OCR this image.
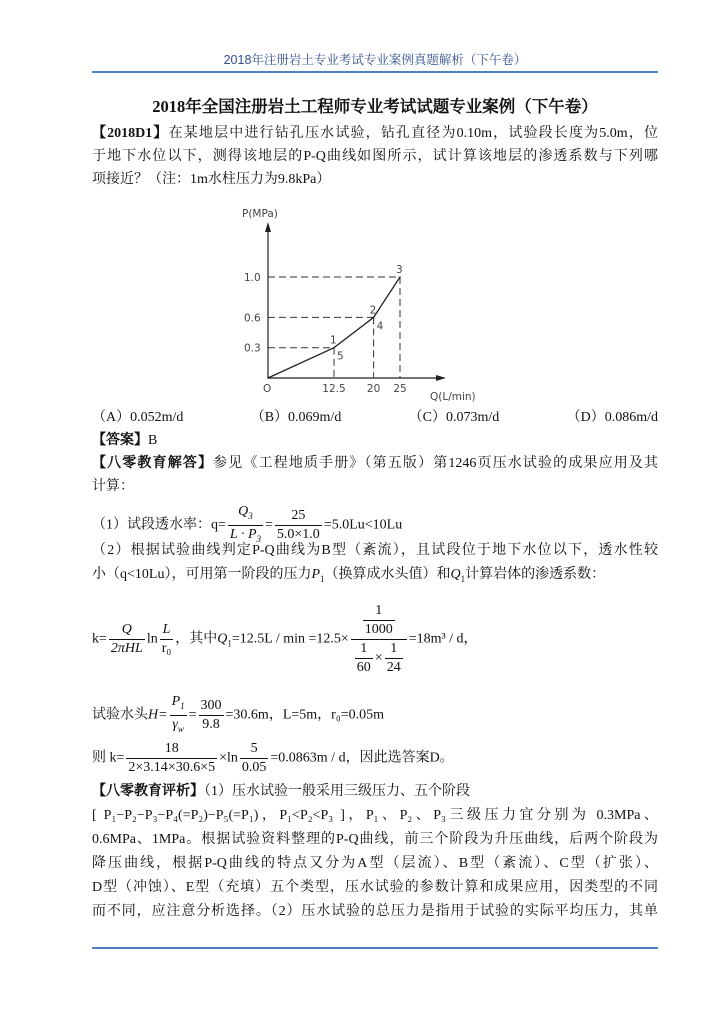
2018年注册岩土专业考试专业案例真题解析（下午卷）
2018年全国注册岩土工程师专业考试试题专业案例（下午卷）
【2018D1】在某地层中进行钻孔压水试验，钻孔直径为0.10m，试验段长度为5.0m，位
于地下水位以下，测得该地层的P-Q曲线如图所示，试计算该地层的渗透系数与下列哪
项接近？（注：1m水柱压力为9.8kPa）
P(MPa)
Q(L/min)
O
0.3
12.5
1
5
0.6
20
2
4
1.0
25
3
（A）0.052m/d	（B）0.069m/d	（C）0.073m/d	（D）0.086m/d
【答案】B
【八零教育解答】参见《工程地质手册》（第五版）第1246页压水试验的成果应用及其
计算：
（1）试段透水率：$q= \frac{Q_3}{L \cdot P_3} = \frac{25}{5.0\times 1.0} =5.0Lu<10Lu$
（2）根据试验曲线判定P-Q曲线为B型（紊流），且试段位于地下水位以下，透水性较
小（q<10Lu），可用第一阶段的压力$P_1$（换算成水头值）和$Q_1$计算岩体的渗透系数：
$k= \frac{Q}{\text{2πHL}}$ $\ln \frac{L}{\text{r₀}}$ ，其中$Q_1=12.5L / \min =12.5\times \frac{\frac{1}{1000}}{\frac{1}{60} \times \frac{1}{24}} =18m^3 / d$，
试验水头$H= \frac{P_1}{\gamma_w} = \frac{300}{9.8} =30.6m$，L=5m，r₀=0.05m
则 $k= \frac{18}{2\times 3.14\times 30.6\times 5} \times\ln \frac{5}{0.05} =0.0863m / d$，因此选答案D。
【八零教育评析】（1）压水试验一般采用三级压力、五个阶段
[ P₁−P₂−P₃−P₄(=P₂)−P₅(=P₁)，P₁<P₂<P₃ ]，P₁、P₂、P₃三级压力宜分别为 0.3MPa、
0.6MPa、1MPa。根据试验资料整理的P-Q曲线，前三个阶段为升压曲线，后两个阶段为
降压曲线，根据P-Q曲线的特点又分为A型（层流）、B型（紊流）、C型（扩张）、
D型（冲蚀）、E型（充填）五个类型，压水试验的参数计算和成果应用，因类型的不同
而不同，应注意分析选择。（2）压水试验的总压力是指用于试验的实际平均压力，其单
